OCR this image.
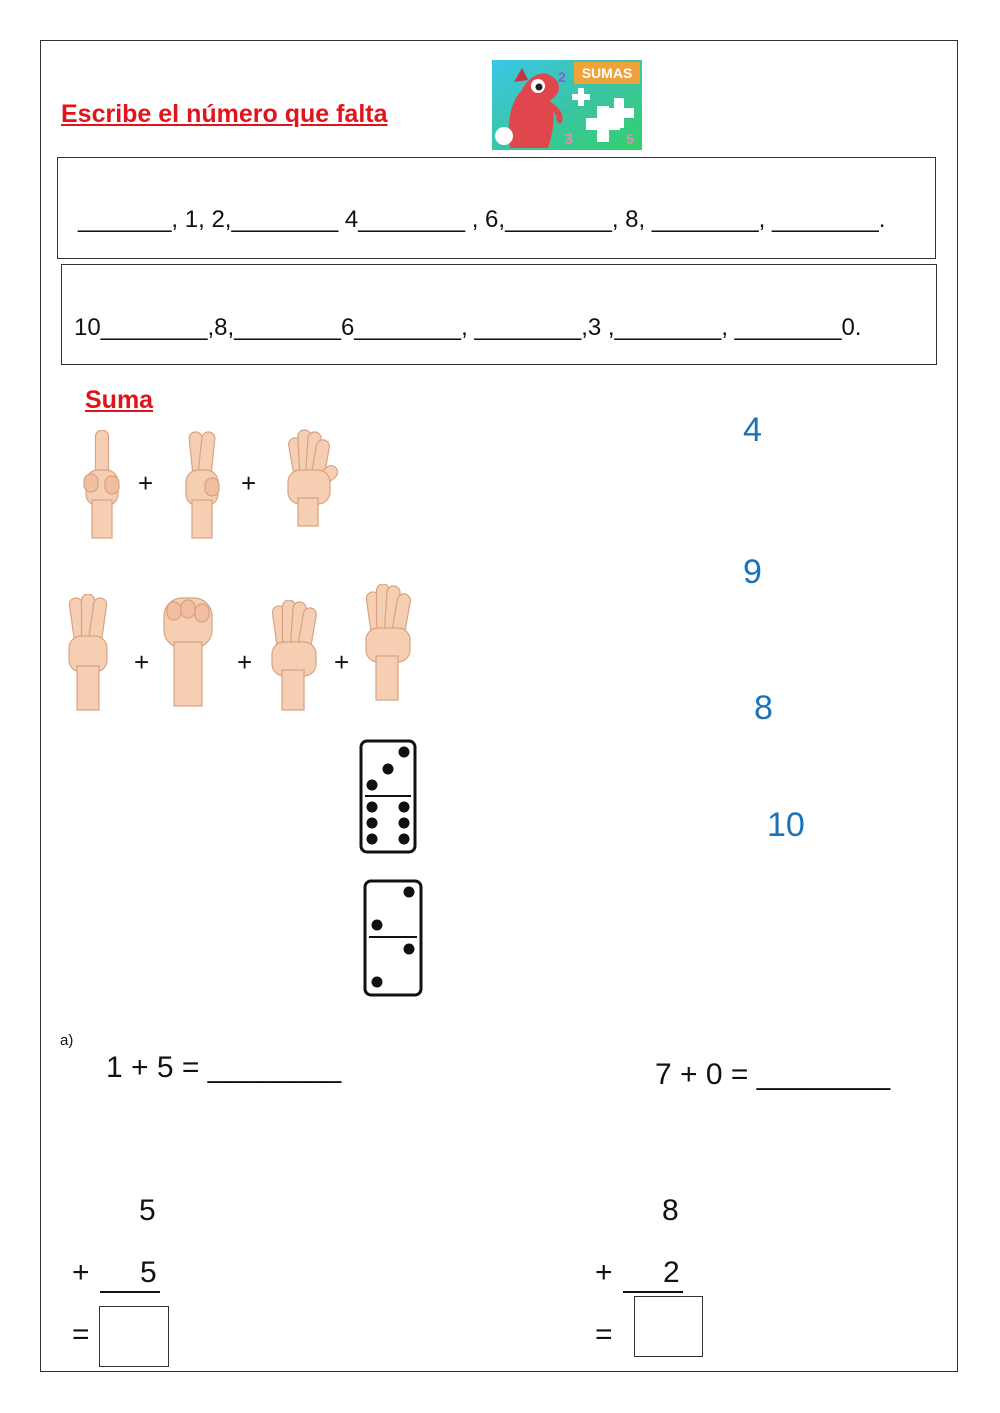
Escribe el número que falta
SUMAS
2
3	5
_______, 1, 2,________ 4________ , 6,________, 8, ________, ________.
10________,8,________6________, ________,3 ,________, ________0.
Suma
+	+
+	+	+
4
9
8
10
a)
1 + 5 = ________	7 + 0 = ________
5
+ 5
=
8
+ 2
=
